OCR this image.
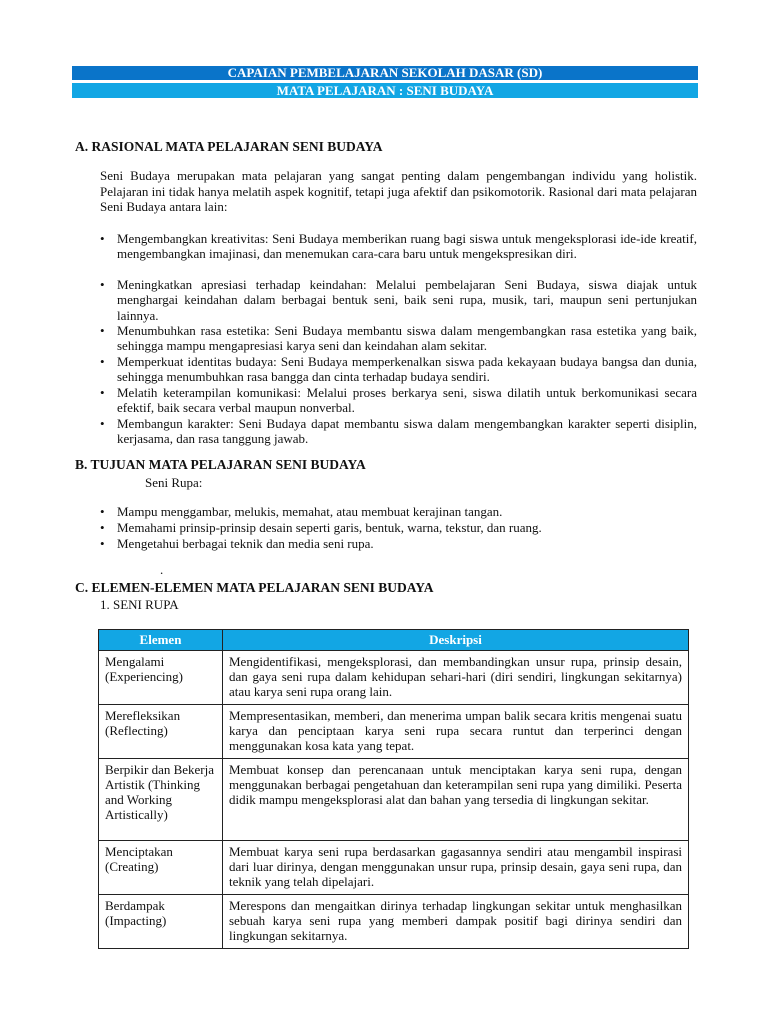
CAPAIAN PEMBELAJARAN SEKOLAH DASAR (SD)
MATA PELAJARAN : SENI BUDAYA
A. RASIONAL MATA PELAJARAN SENI BUDAYA
Seni Budaya merupakan mata pelajaran yang sangat penting dalam pengembangan individu yang holistik. Pelajaran ini tidak hanya melatih aspek kognitif, tetapi juga afektif dan psikomotorik. Rasional dari mata pelajaran Seni Budaya antara lain:
• Mengembangkan kreativitas: Seni Budaya memberikan ruang bagi siswa untuk mengeksplorasi ide-ide kreatif, mengembangkan imajinasi, dan menemukan cara-cara baru untuk mengekspresikan diri.
• Meningkatkan apresiasi terhadap keindahan: Melalui pembelajaran Seni Budaya, siswa diajak untuk menghargai keindahan dalam berbagai bentuk seni, baik seni rupa, musik, tari, maupun seni pertunjukan lainnya.
• Menumbuhkan rasa estetika: Seni Budaya membantu siswa dalam mengembangkan rasa estetika yang baik, sehingga mampu mengapresiasi karya seni dan keindahan alam sekitar.
• Memperkuat identitas budaya: Seni Budaya memperkenalkan siswa pada kekayaan budaya bangsa dan dunia, sehingga menumbuhkan rasa bangga dan cinta terhadap budaya sendiri.
• Melatih keterampilan komunikasi: Melalui proses berkarya seni, siswa dilatih untuk berkomunikasi secara efektif, baik secara verbal maupun nonverbal.
• Membangun karakter: Seni Budaya dapat membantu siswa dalam mengembangkan karakter seperti disiplin, kerjasama, dan rasa tanggung jawab.
B. TUJUAN MATA PELAJARAN SENI BUDAYA
Seni Rupa:
• Mampu menggambar, melukis, memahat, atau membuat kerajinan tangan.
• Memahami prinsip-prinsip desain seperti garis, bentuk, warna, tekstur, dan ruang.
• Mengetahui berbagai teknik dan media seni rupa.
.
C. ELEMEN-ELEMEN MATA PELAJARAN SENI BUDAYA
1. SENI RUPA
Elemen	Deskripsi
Mengalami (Experiencing)	Mengidentifikasi, mengeksplorasi, dan membandingkan unsur rupa, prinsip desain, dan gaya seni rupa dalam kehidupan sehari-hari (diri sendiri, lingkungan sekitarnya) atau karya seni rupa orang lain.
Merefleksikan (Reflecting)	Mempresentasikan, memberi, dan menerima umpan balik secara kritis mengenai suatu karya dan penciptaan karya seni rupa secara runtut dan terperinci dengan menggunakan kosa kata yang tepat.
Berpikir dan Bekerja Artistik (Thinking and Working Artistically)	Membuat konsep dan perencanaan untuk menciptakan karya seni rupa, dengan menggunakan berbagai pengetahuan dan keterampilan seni rupa yang dimiliki. Peserta didik mampu mengeksplorasi alat dan bahan yang tersedia di lingkungan sekitar.
Menciptakan (Creating)	Membuat karya seni rupa berdasarkan gagasannya sendiri atau mengambil inspirasi dari luar dirinya, dengan menggunakan unsur rupa, prinsip desain, gaya seni rupa, dan teknik yang telah dipelajari.
Berdampak (Impacting)	Merespons dan mengaitkan dirinya terhadap lingkungan sekitar untuk menghasilkan sebuah karya seni rupa yang memberi dampak positif bagi dirinya sendiri dan lingkungan sekitarnya.
